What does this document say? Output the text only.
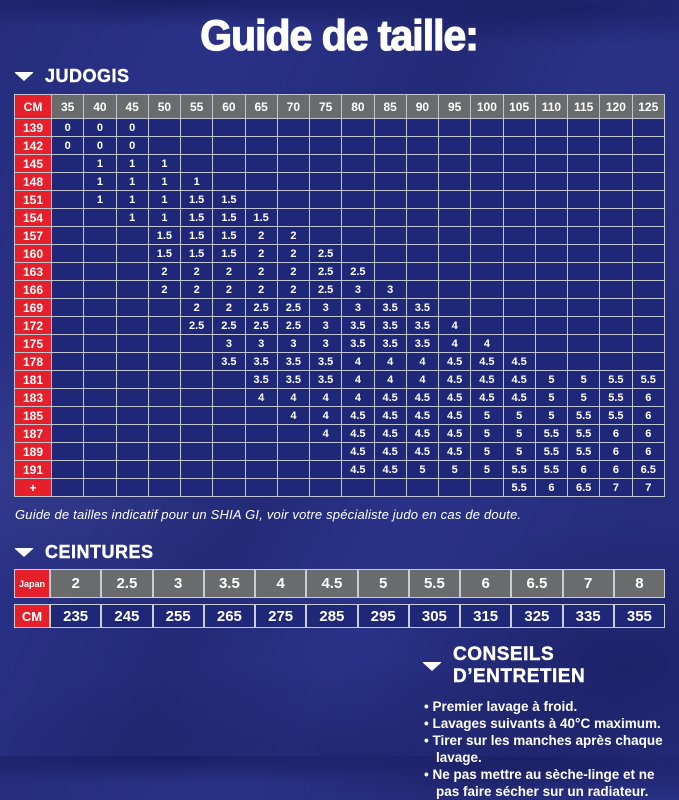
Guide de taille:
JUDOGIS
CM	35	40	45	50	55	60	65	70	75	80	85	90	95	100	105	110	115	120	125
139	0	0	0																
142	0	0	0																
145		1	1	1															
148		1	1	1	1														
151		1	1	1	1.5	1.5													
154			1	1	1.5	1.5	1.5												
157				1.5	1.5	1.5	2	2											
160				1.5	1.5	1.5	2	2	2.5										
163				2	2	2	2	2	2.5	2.5									
166				2	2	2	2	2	2.5	3	3								
169					2	2	2.5	2.5	3	3	3.5	3.5							
172					2.5	2.5	2.5	2.5	3	3.5	3.5	3.5	4						
175						3	3	3	3	3.5	3.5	3.5	4	4					
178						3.5	3.5	3.5	3.5	4	4	4	4.5	4.5	4.5				
181							3.5	3.5	3.5	4	4	4	4.5	4.5	4.5	5	5	5.5	5.5
183							4	4	4	4	4.5	4.5	4.5	4.5	4.5	5	5	5.5	6
185								4	4	4.5	4.5	4.5	4.5	5	5	5	5.5	5.5	6
187									4	4.5	4.5	4.5	4.5	5	5	5.5	5.5	6	6
189										4.5	4.5	4.5	4.5	5	5	5.5	5.5	6	6
191										4.5	4.5	5	5	5	5.5	5.5	6	6	6.5
+															5.5	6	6.5	7	7
Guide de tailles indicatif pour un SHIA GI, voir votre spécialiste judo en cas de doute.
CEINTURES
Japan	2	2.5	3	3.5	4	4.5	5	5.5	6	6.5	7	8
CM	235	245	255	265	275	285	295	305	315	325	335	355
CONSEILS D’ENTRETIEN
• Premier lavage à froid.
• Lavages suivants à 40°C maximum.
• Tirer sur les manches après chaque lavage.
• Ne pas mettre au sèche-linge et ne pas faire sécher sur un radiateur.
